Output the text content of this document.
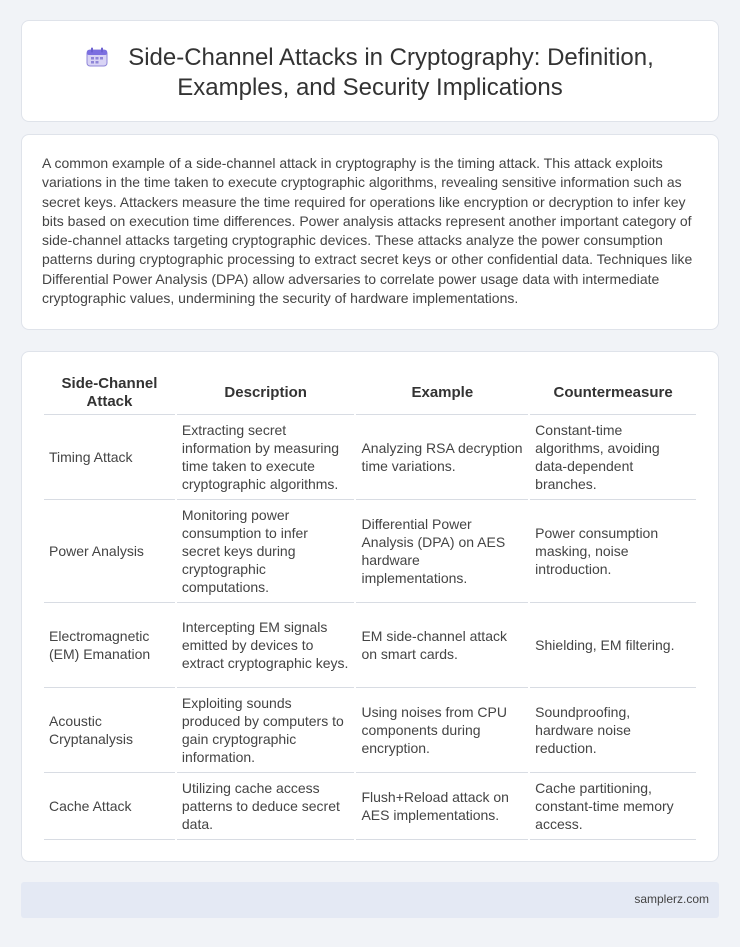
Side-Channel Attacks in Cryptography: Definition,
Examples, and Security Implications

A common example of a side-channel attack in cryptography is the timing attack. This attack exploits variations in the time taken to execute cryptographic algorithms, revealing sensitive information such as secret keys. Attackers measure the time required for operations like encryption or decryption to infer key bits based on execution time differences. Power analysis attacks represent another important category of side-channel attacks targeting cryptographic devices. These attacks analyze the power consumption patterns during cryptographic processing to extract secret keys or other confidential data. Techniques like Differential Power Analysis (DPA) allow adversaries to correlate power usage data with intermediate cryptographic values, undermining the security of hardware implementations.

Side-Channel Attack	Description	Example	Countermeasure
Timing Attack	Extracting secret information by measuring time taken to execute cryptographic algorithms.	Analyzing RSA decryption time variations.	Constant-time algorithms, avoiding data-dependent branches.
Power Analysis	Monitoring power consumption to infer secret keys during cryptographic computations.	Differential Power Analysis (DPA) on AES hardware implementations.	Power consumption masking, noise introduction.
Electromagnetic (EM) Emanation	Intercepting EM signals emitted by devices to extract cryptographic keys.	EM side-channel attack on smart cards.	Shielding, EM filtering.
Acoustic Cryptanalysis	Exploiting sounds produced by computers to gain cryptographic information.	Using noises from CPU components during encryption.	Soundproofing, hardware noise reduction.
Cache Attack	Utilizing cache access patterns to deduce secret data.	Flush+Reload attack on AES implementations.	Cache partitioning, constant-time memory access.
samplerz.com
